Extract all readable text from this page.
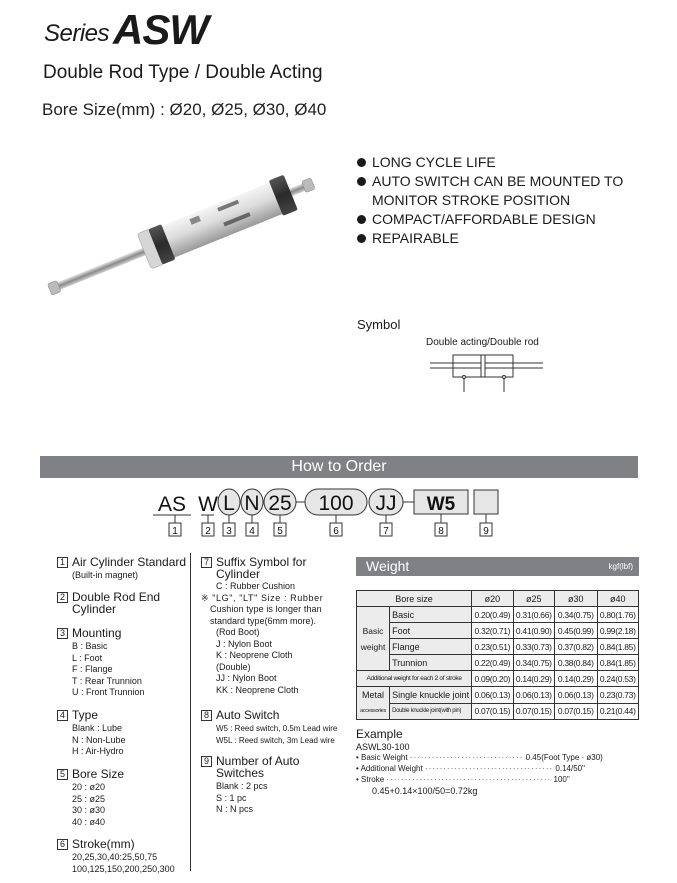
Series ASW
Double Rod Type / Double Acting
Bore Size(mm) : Ø20, Ø25, Ø30, Ø40
LONG CYCLE LIFE
AUTO SWITCH CAN BE MOUNTED TO
MONITOR STROKE POSITION
COMPACT/AFFORDABLE DESIGN
REPAIRABLE
Symbol
Double acting/Double rod
How to Order
AS W L N 25 100 JJ W5
1	2 3 4 5	6	7	8	9
1 Air Cylinder Standard
(Built-in magnet)
2 Double Rod End
Cylinder
3 Mounting
B : Basic
L : Foot
F : Flange
T : Rear Trunnion
U : Front Trunnion
4 Type
Blank : Lube
N : Non-Lube
H : Air-Hydro
5 Bore Size
20 : ø20
25 : ø25
30 : ø30
40 : ø40
6 Stroke(mm)
20,25,30,40:25,50,75
100,125,150,200,250,300
7 Suffix Symbol for
Cylinder
C : Rubber Cushion
※ "LG", "LT" Size : Rubber
Cushion type is longer than
standard type(6mm more).
(Rod Boot)
J : Nylon Boot
K : Neoprene Cloth
(Double)
JJ : Nylon Boot
KK : Neoprene Cloth
8 Auto Switch
W5 : Reed switch, 0.5m Lead wire
W5L : Reed switch, 3m Lead wire
9 Number of Auto
Switches
Blank : 2 pcs
S : 1 pc
N : N pcs
Weight	kgf(lbf)
Bore size		ø20	ø25	ø30	ø40

Basic
weight	Basic	0.20(0.49)	0.31(0.66)	0.34(0.75)	0.80(1.76)
	Foot	0.32(0.71)	0.41(0.90)	0.45(0.99)	0.99(2.18)
	Flange	0.23(0.51)	0.33(0.73)	0.37(0.82)	0.84(1.85)
	Trunnion	0.22(0.49)	0.34(0.75)	0.38(0.84)	0.84(1.85)
Additional weight for each 2 of stroke		0.09(0.20)	0.14(0.29)	0.14(0.29)	0.24(0.53)

Metal
accessories	Single knuckle joint	0.06(0.13)	0.06(0.13)	0.06(0.13)	0.23(0.73)
	Double knuckle joint(with pin)	0.07(0.15)	0.07(0.15)	0.07(0.15)	0.21(0.44)
Example
ASWL30-100
• Basic Weight ······························· 0.45(Foot Type · ø30)
• Additional Weight ··································· 0.14/50"
• Stroke ············································· 100"
0.45+0.14×100/50=0.72kg
